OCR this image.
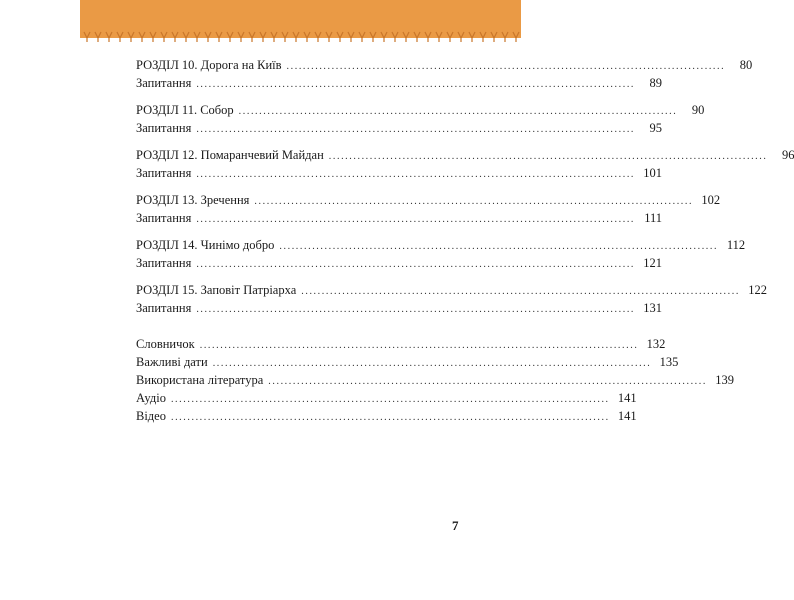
РОЗДІЛ 10. Дорога на Київ ...........................................................................................................	80
Запитання ...........................................................................................................	89
РОЗДІЛ 11. Собор ...........................................................................................................	90
Запитання ...........................................................................................................	95
РОЗДІЛ 12. Помаранчевий Майдан ...........................................................................................................	96
Запитання ........................................................................................................... 101
РОЗДІЛ 13. Зречення ........................................................................................................... 102
Запитання ........................................................................................................... 111
РОЗДІЛ 14. Чинімо добро ........................................................................................................... 112
Запитання ........................................................................................................... 121
РОЗДІЛ 15. Заповіт Патріарха ........................................................................................................... 122
Запитання ........................................................................................................... 131
Словничок ........................................................................................................... 132
Важливі дати ........................................................................................................... 135
Використана література ........................................................................................................... 139
Аудіо ........................................................................................................... 141
Відео ........................................................................................................... 141
7
